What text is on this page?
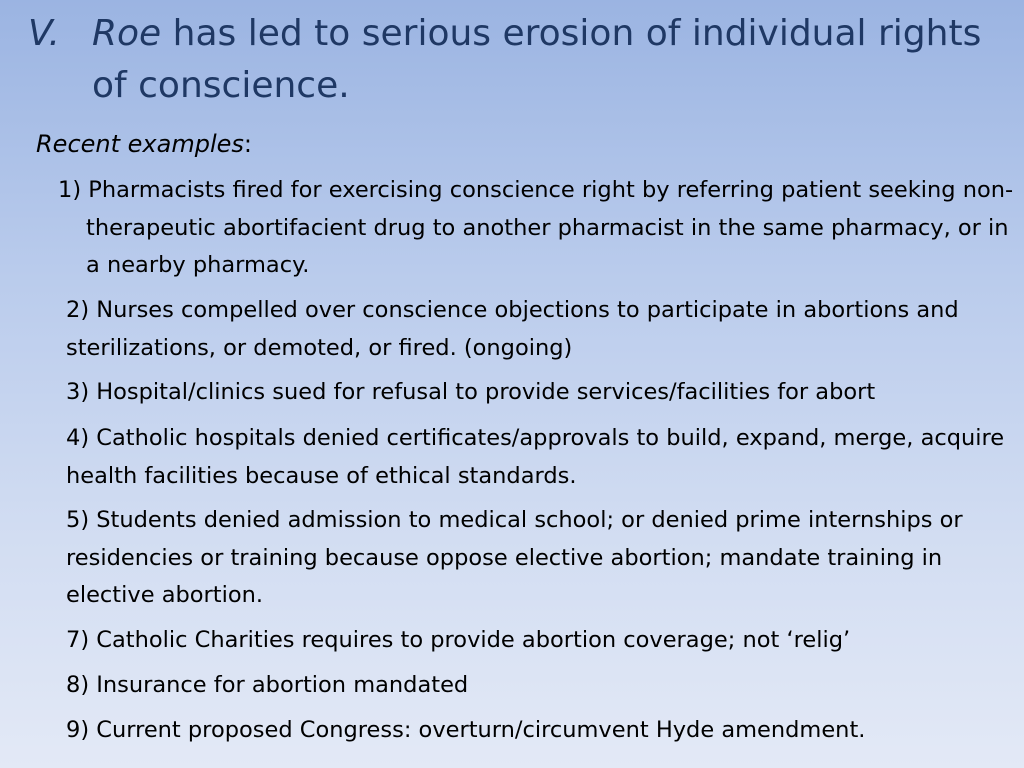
V. Roe has led to serious erosion of individual rights of conscience.
Recent examples:
1) Pharmacists fired for exercising conscience right by referring patient seeking non-therapeutic abortifacient drug to another pharmacist in the same pharmacy, or in a nearby pharmacy.
2) Nurses compelled over conscience objections to participate in abortions and sterilizations, or demoted, or fired. (ongoing)
3) Hospital/clinics sued for refusal to provide services/facilities for abort
4) Catholic hospitals denied certificates/approvals to build, expand, merge, acquire health facilities because of ethical standards.
5) Students denied admission to medical school; or denied prime internships or residencies or training because oppose elective abortion; mandate training in elective abortion.
7) Catholic Charities requires to provide abortion coverage; not ‘relig’
8) Insurance for abortion mandated
9) Current proposed Congress: overturn/circumvent Hyde amendment.
